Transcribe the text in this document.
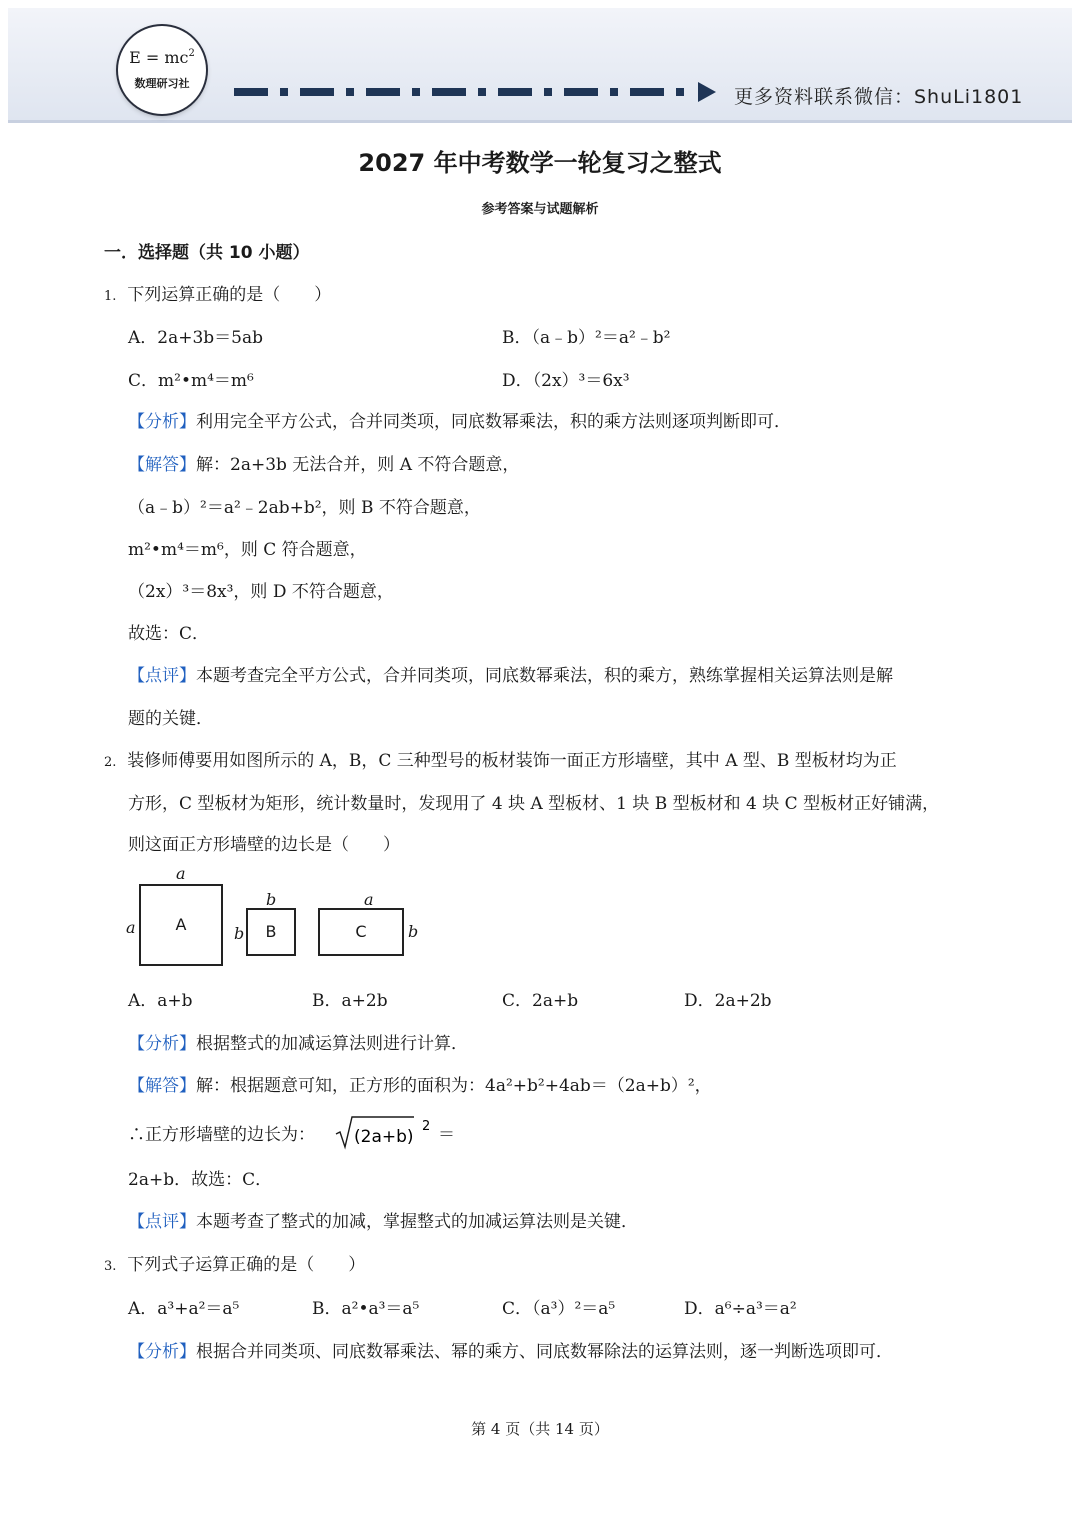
$E = mc^2$
数理研习社
更多资料联系微信：ShuLi1801
2027 年中考数学一轮复习之整式
参考答案与试题解析
一．选择题（共 10 小题）
1. 下列运算正确的是（　　）
A．2a+3b＝5ab	B．（a﹣b）²＝a²﹣b²
C．m²•m⁴＝m⁶	D．（2x）³＝6x³
【分析】利用完全平方公式，合并同类项，同底数幂乘法，积的乘方法则逐项判断即可．
【解答】解：2a+3b 无法合并，则 A 不符合题意，
（a﹣b）²＝a²﹣2ab+b²，则 B 不符合题意，
m²•m⁴＝m⁶，则 C 符合题意，
（2x）³＝8x³，则 D 不符合题意，
故选：C．
【点评】本题考查完全平方公式，合并同类项，同底数幂乘法，积的乘方，熟练掌握相关运算法则是解
题的关键．
2. 装修师傅要用如图所示的 A，B，C 三种型号的板材装饰一面正方形墙壁，其中 A 型、B 型板材均为正
方形，C 型板材为矩形，统计数量时，发现用了 4 块 A 型板材、1 块 B 型板材和 4 块 C 型板材正好铺满，
则这面正方形墙壁的边长是（　　）
a
a	A
b
b	B
a
b
C
A．a+b	B．a+2b	C．2a+b	D．2a+2b
【分析】根据整式的加减运算法则进行计算．
【解答】解：根据题意可知，正方形的面积为：4a²+b²+4ab＝（2a+b）²，
∴正方形墙壁的边长为： (2a+b)
2 ＝
2a+b．故选：C．
【点评】本题考查了整式的加减，掌握整式的加减运算法则是关键．
3. 下列式子运算正确的是（　　）
A．a³+a²＝a⁵	B．a²•a³＝a⁵	C．（a³）²＝a⁵	D．a⁶÷a³＝a²
【分析】根据合并同类项、同底数幂乘法、幂的乘方、同底数幂除法的运算法则，逐一判断选项即可．
第 4 页（共 14 页）
